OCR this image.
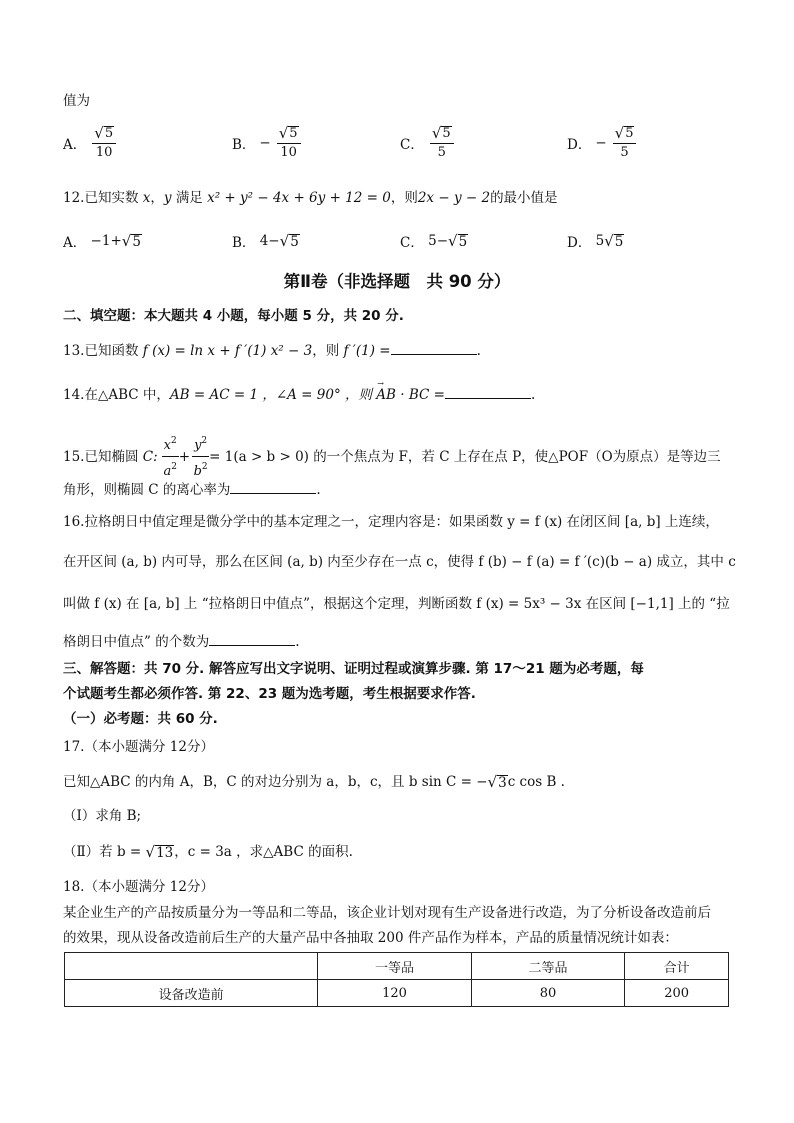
值为
A． $\frac{√ 5}{10}$	B． − $\frac{√ 5}{10}$	C． $\frac{√ 5}{5}$	D． − $\frac{√ 5}{5}$
12.已知实数 x，y 满足 x² + y² − 4x + 6y + 12 = 0，则2x − y − 2的最小值是
A．
−1+ √ 5	B．
4− √ 5	C．
5− √ 5	D．
5 √ 5
第Ⅱ卷（非选择题　共 90 分）
二、填空题：本大题共 4 小题，每小题 5 分，共 20 分.
13.已知函数 f (x) = ln x + f ′(1) x² − 3，则 f ′(1) =	.
14.在△ABC 中，AB = AC = 1 ，∠A = 90° ，则 → AB · BC =	.
15.已知椭圆
C: $\frac{x^2}{a^2} + \frac{y^2}{b^2} = 1(a > b > 0)$ 的一个焦点为 F，若 C 上存在点 P，使△POF（O为原点）是等边三
角形，则椭圆 C 的离心率为	.
16.拉格朗日中值定理是微分学中的基本定理之一，定理内容是：如果函数 y = f (x) 在闭区间 [a, b] 上连续，
在开区间 (a, b) 内可导，那么在区间 (a, b) 内至少存在一点 c，使得 f (b) − f (a) = f ′(c)(b − a) 成立，其中 c
叫做 f (x) 在 [a, b] 上 “拉格朗日中值点”，根据这个定理，判断函数 f (x) = 5x³ − 3x 在区间 [−1,1] 上的 “拉
格朗日中值点” 的个数为	.
三、解答题：共 70 分. 解答应写出文字说明、证明过程或演算步骤. 第 17～21 题为必考题，每
个试题考生都必须作答. 第 22、23 题为选考题，考生根据要求作答.
（一）必考题：共 60 分.
17.（本小题满分 12分）
已知△ABC 的内角 A，B，C 的对边分别为 a，b，c，且 b sin C = − √ 3 c cos B .
（Ⅰ）求角 B;
（Ⅱ）若 b =
√ 13 ，c = 3a ，求△ABC 的面积.
18.（本小题满分 12分）
某企业生产的产品按质量分为一等品和二等品，该企业计划对现有生产设备进行改造，为了分析设备改造前后
的效果，现从设备改造前后生产的大量产品中各抽取 200 件产品作为样本，产品的质量情况统计如表：
	一等品	二等品	合计
设备改造前	120	80	200
